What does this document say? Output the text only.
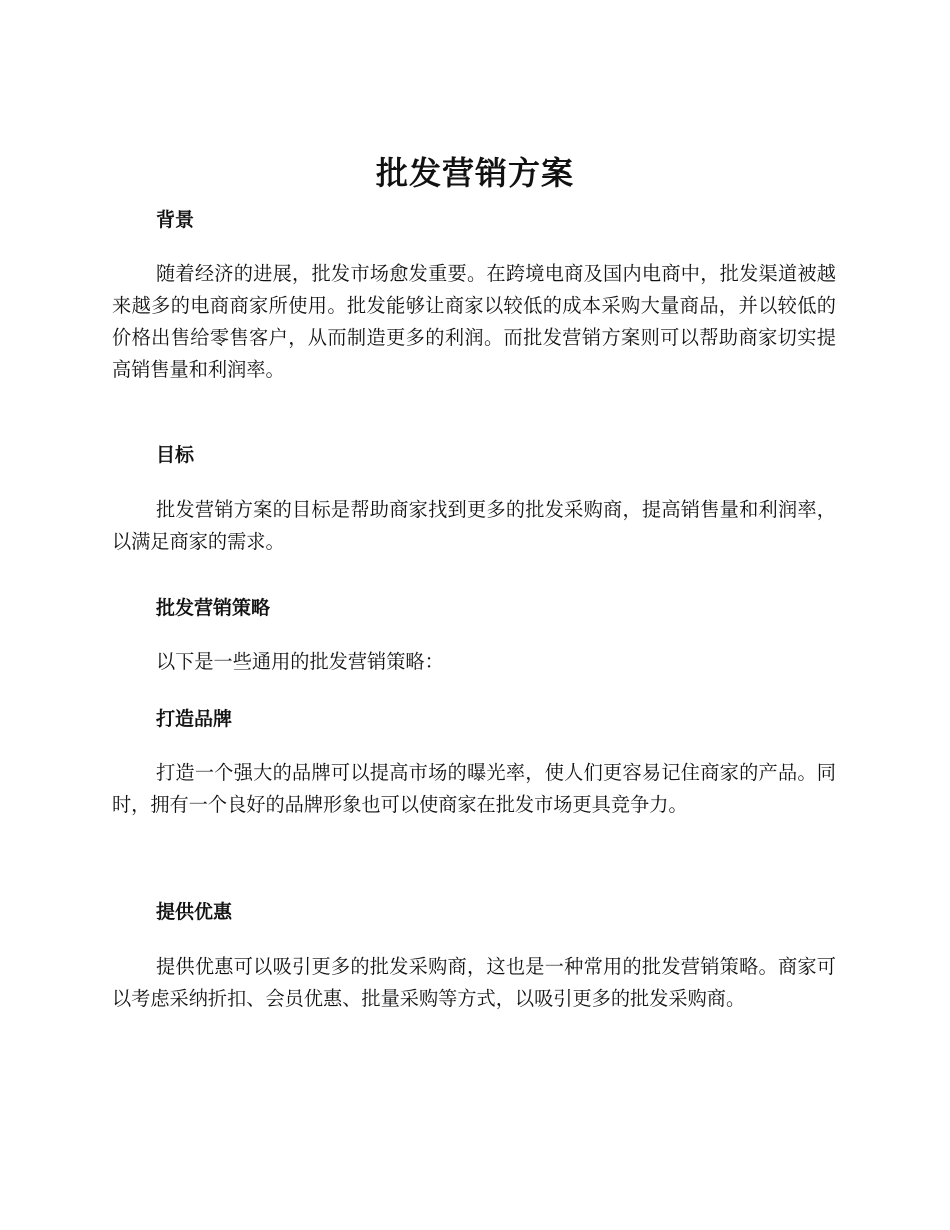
批发营销方案
背景

随着经济的进展，批发市场愈发重要。在跨境电商及国内电商中，批发渠道被越来越多的电商商家所使用。批发能够让商家以较低的成本采购大量商品，并以较低的价格出售给零售客户，从而制造更多的利润。而批发营销方案则可以帮助商家切实提高销售量和利润率。

目标

批发营销方案的目标是帮助商家找到更多的批发采购商，提高销售量和利润率，以满足商家的需求。

批发营销策略

以下是一些通用的批发营销策略：

打造品牌

打造一个强大的品牌可以提高市场的曝光率，使人们更容易记住商家的产品。同时，拥有一个良好的品牌形象也可以使商家在批发市场更具竞争力。

提供优惠

提供优惠可以吸引更多的批发采购商，这也是一种常用的批发营销策略。商家可以考虑采纳折扣、会员优惠、批量采购等方式，以吸引更多的批发采购商。
